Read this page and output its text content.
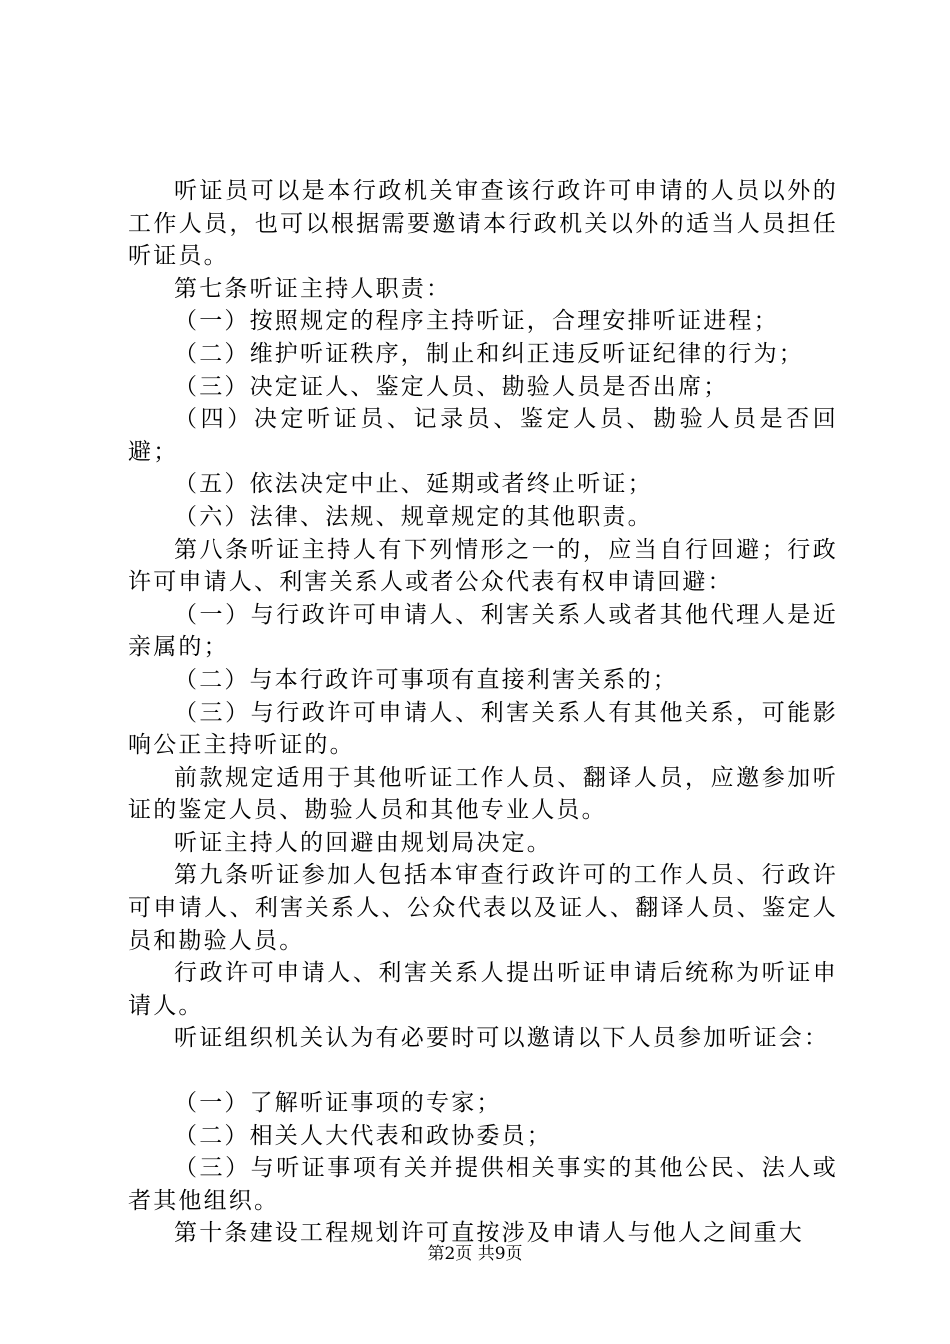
听证员可以是本行政机关审查该行政许可申请的人员以外的工作人员，也可以根据需要邀请本行政机关以外的适当人员担任听证员。

第七条听证主持人职责：

（一）按照规定的程序主持听证，合理安排听证进程；

（二）维护听证秩序，制止和纠正违反听证纪律的行为；

（三）决定证人、鉴定人员、勘验人员是否出席；

（四）决定听证员、记录员、鉴定人员、勘验人员是否回避；

（五）依法决定中止、延期或者终止听证；

（六）法律、法规、规章规定的其他职责。

第八条听证主持人有下列情形之一的，应当自行回避；行政许可申请人、利害关系人或者公众代表有权申请回避：

（一）与行政许可申请人、利害关系人或者其他代理人是近亲属的；

（二）与本行政许可事项有直接利害关系的；

（三）与行政许可申请人、利害关系人有其他关系，可能影响公正主持听证的。

前款规定适用于其他听证工作人员、翻译人员，应邀参加听证的鉴定人员、勘验人员和其他专业人员。

听证主持人的回避由规划局决定。

第九条听证参加人包括本审查行政许可的工作人员、行政许可申请人、利害关系人、公众代表以及证人、翻译人员、鉴定人员和勘验人员。

行政许可申请人、利害关系人提出听证申请后统称为听证申请人。

听证组织机关认为有必要时可以邀请以下人员参加听证会：

（一）了解听证事项的专家；

（二）相关人大代表和政协委员；

（三）与听证事项有关并提供相关事实的其他公民、法人或者其他组织。

第十条建设工程规划许可直按涉及申请人与他人之间重大

第2页 共9页
